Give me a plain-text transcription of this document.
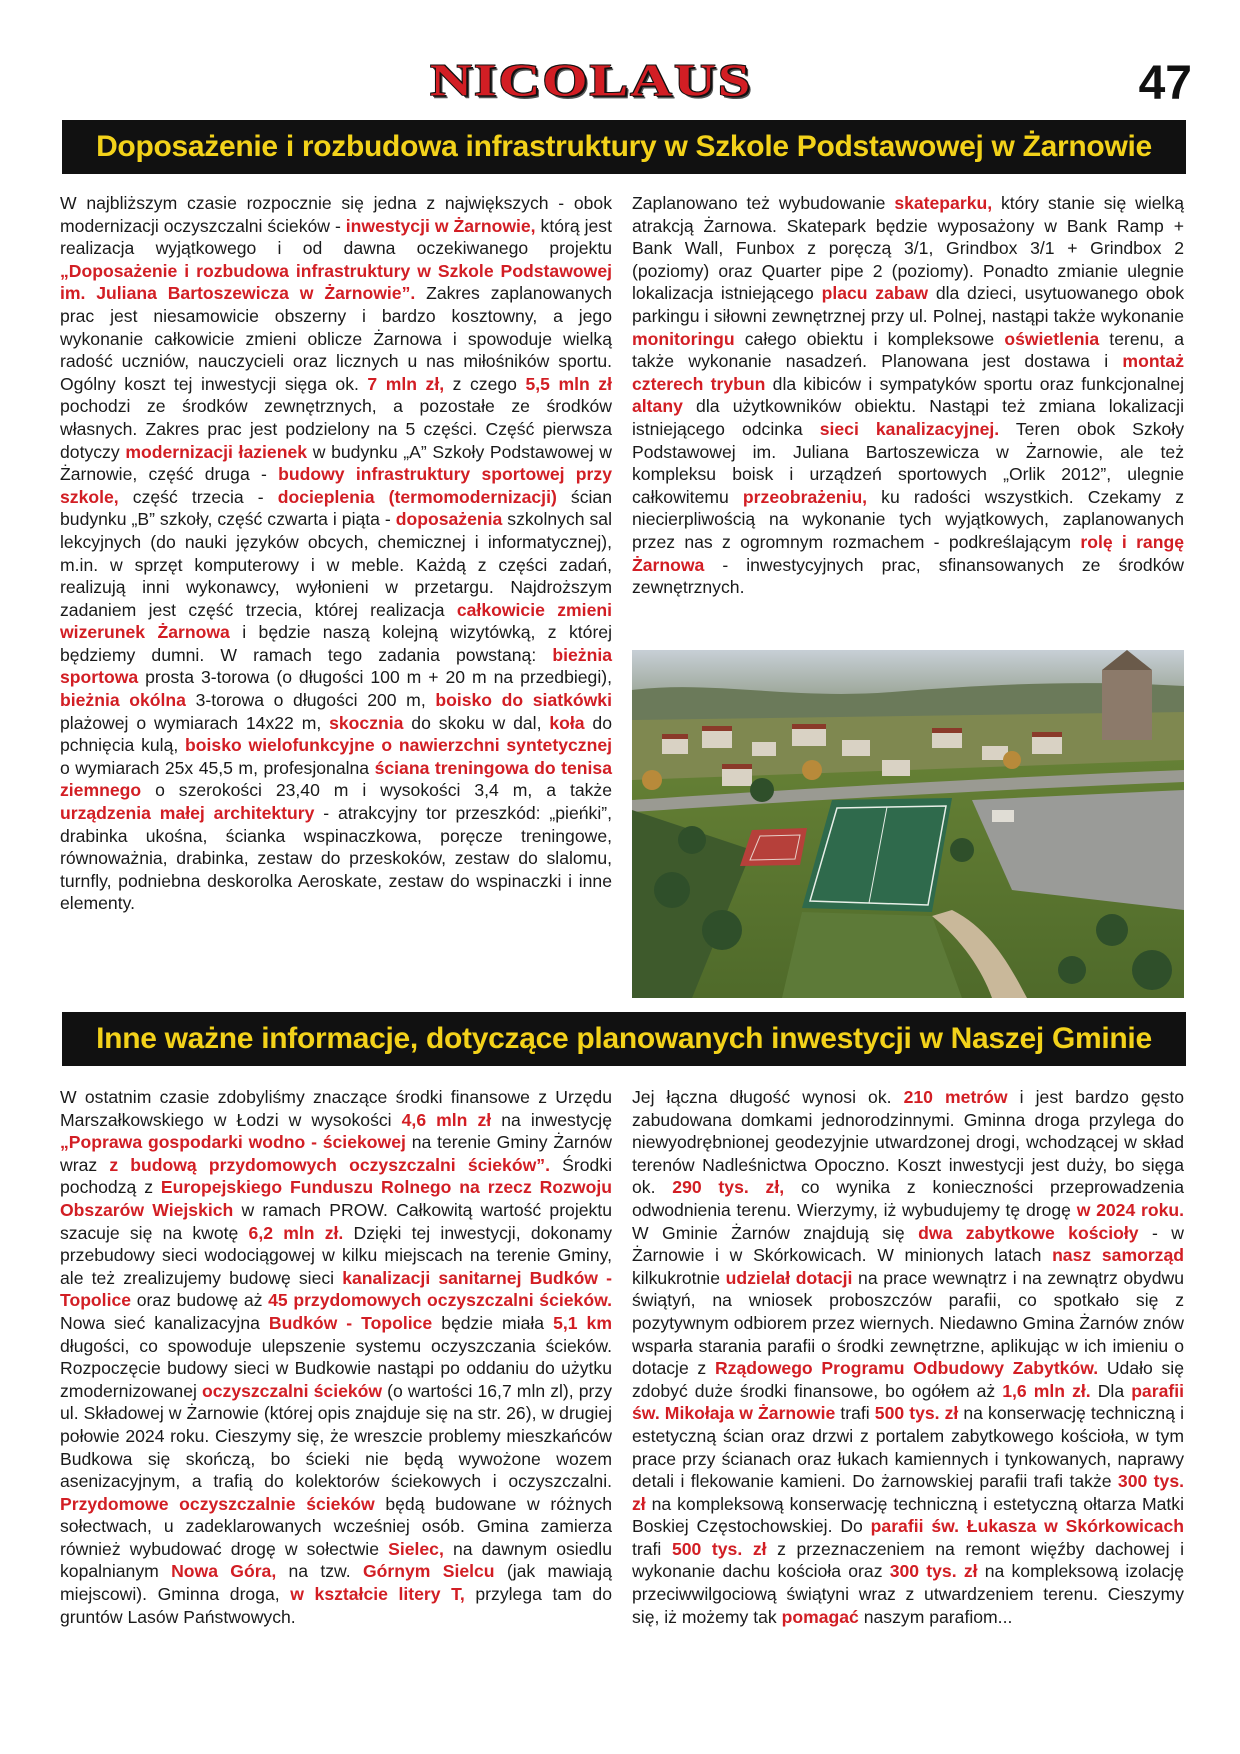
NICOLAUS	47
Doposażenie i rozbudowa infrastruktury w Szkole Podstawowej w Żarnowie

W najbliższym czasie rozpocznie się jedna z największych - obok modernizacji oczyszczalni ścieków - inwestycji w Żarnowie, którą jest realizacja wyjątkowego i od dawna oczekiwanego projektu „Doposażenie i rozbudowa infrastruktury w Szkole Podstawowej im. Juliana Bartoszewicza w Żarnowie”. Zakres zaplanowanych prac jest niesamowicie obszerny i bardzo kosztowny, a jego wykonanie całkowicie zmieni oblicze Żarnowa i spowoduje wielką radość uczniów, nauczycieli oraz licznych u nas miłośników sportu. Ogólny koszt tej inwestycji sięga ok. 7 mln zł, z czego 5,5 mln zł pochodzi ze środków zewnętrznych, a pozostałe ze środków własnych. Zakres prac jest podzielony na 5 części. Część pierwsza dotyczy modernizacji łazienek w budynku „A” Szkoły Podstawowej w Żarnowie, część druga - budowy infrastruktury sportowej przy szkole, część trzecia - docieplenia (termomodernizacji) ścian budynku „B” szkoły, część czwarta i piąta - doposażenia szkolnych sal lekcyjnych (do nauki języków obcych, chemicznej i informatycznej), m.in. w sprzęt komputerowy i w meble. Każdą z części zadań, realizują inni wykonawcy, wyłonieni w przetargu. Najdroższym zadaniem jest część trzecia, której realizacja całkowicie zmieni wizerunek Żarnowa i będzie naszą kolejną wizytówką, z której będziemy dumni. W ramach tego zadania powstaną: bieżnia sportowa prosta 3-torowa (o długości 100 m + 20 m na przedbiegi), bieżnia okólna 3-torowa o długości 200 m, boisko do siatkówki plażowej o wymiarach 14x22 m, skocznia do skoku w dal, koła do pchnięcia kulą, boisko wielofunkcyjne o nawierzchni syntetycznej o wymiarach 25x 45,5 m, profesjonalna ściana treningowa do tenisa ziemnego o szerokości 23,40 m i wysokości 3,4 m, a także urządzenia małej architektury - atrakcyjny tor przeszkód: „pieńki”, drabinka ukośna, ścianka wspinaczkowa, poręcze treningowe, równoważnia, drabinka, zestaw do przeskoków, zestaw do slalomu, turnfly, podniebna deskorolka Aeroskate, zestaw do wspinaczki i inne elementy.

Zaplanowano też wybudowanie skateparku, który stanie się wielką atrakcją Żarnowa. Skatepark będzie wyposażony w Bank Ramp + Bank Wall, Funbox z poręczą 3/1, Grindbox 3/1 + Grindbox 2 (poziomy) oraz Quarter pipe 2 (poziomy). Ponadto zmianie ulegnie lokalizacja istniejącego placu zabaw dla dzieci, usytuowanego obok parkingu i siłowni zewnętrznej przy ul. Polnej, nastąpi także wykonanie monitoringu całego obiektu i kompleksowe oświetlenia terenu, a także wykonanie nasadzeń. Planowana jest dostawa i montaż czterech trybun dla kibiców i sympatyków sportu oraz funkcjonalnej altany dla użytkowników obiektu. Nastąpi też zmiana lokalizacji istniejącego odcinka sieci kanalizacyjnej. Teren obok Szkoły Podstawowej im. Juliana Bartoszewicza w Żarnowie, ale też kompleksu boisk i urządzeń sportowych „Orlik 2012”, ulegnie całkowitemu przeobrażeniu, ku radości wszystkich. Czekamy z niecierpliwością na wykonanie tych wyjątkowych, zaplanowanych przez nas z ogromnym rozmachem - podkreślającym rolę i rangę Żarnowa - inwestycyjnych prac, sfinansowanych ze środków zewnętrznych.

Inne ważne informacje, dotyczące planowanych inwestycji w Naszej Gminie

W ostatnim czasie zdobyliśmy znaczące środki finansowe z Urzędu Marszałkowskiego w Łodzi w wysokości 4,6 mln zł na inwestycję „Poprawa gospodarki wodno - ściekowej na terenie Gminy Żarnów wraz z budową przydomowych oczyszczalni ścieków”. Środki pochodzą z Europejskiego Funduszu Rolnego na rzecz Rozwoju Obszarów Wiejskich w ramach PROW. Całkowitą wartość projektu szacuje się na kwotę 6,2 mln zł. Dzięki tej inwestycji, dokonamy przebudowy sieci wodociągowej w kilku miejscach na terenie Gminy, ale też zrealizujemy budowę sieci kanalizacji sanitarnej Budków - Topolice oraz budowę aż 45 przydomowych oczyszczalni ścieków. Nowa sieć kanalizacyjna Budków - Topolice będzie miała 5,1 km długości, co spowoduje ulepszenie systemu oczyszczania ścieków. Rozpoczęcie budowy sieci w Budkowie nastąpi po oddaniu do użytku zmodernizowanej oczyszczalni ścieków (o wartości 16,7 mln zl), przy ul. Składowej w Żarnowie (której opis znajduje się na str. 26), w drugiej połowie 2024 roku. Cieszymy się, że wreszcie problemy mieszkańców Budkowa się skończą, bo ścieki nie będą wywożone wozem asenizacyjnym, a trafią do kolektorów ściekowych i oczyszczalni. Przydomowe oczyszczalnie ścieków będą budowane w różnych sołectwach, u zadeklarowanych wcześniej osób. Gmina zamierza również wybudować drogę w sołectwie Sielec, na dawnym osiedlu kopalnianym Nowa Góra, na tzw. Górnym Sielcu (jak mawiają miejscowi). Gminna droga, w kształcie litery T, przylega tam do gruntów Lasów Państwowych.

Jej łączna długość wynosi ok. 210 metrów i jest bardzo gęsto zabudowana domkami jednorodzinnymi. Gminna droga przylega do niewyodrębnionej geodezyjnie utwardzonej drogi, wchodzącej w skład terenów Nadleśnictwa Opoczno. Koszt inwestycji jest duży, bo sięga ok. 290 tys. zł, co wynika z konieczności przeprowadzenia odwodnienia terenu. Wierzymy, iż wybudujemy tę drogę w 2024 roku. W Gminie Żarnów znajdują się dwa zabytkowe kościoły - w Żarnowie i w Skórkowicach. W minionych latach nasz samorząd kilkukrotnie udzielał dotacji na prace wewnątrz i na zewnątrz obydwu świątyń, na wniosek proboszczów parafii, co spotkało się z pozytywnym odbiorem przez wiernych. Niedawno Gmina Żarnów znów wsparła starania parafii o środki zewnętrzne, aplikując w ich imieniu o dotacje z Rządowego Programu Odbudowy Zabytków. Udało się zdobyć duże środki finansowe, bo ogółem aż 1,6 mln zł. Dla parafii św. Mikołaja w Żarnowie trafi 500 tys. zł na konserwację techniczną i estetyczną ścian oraz drzwi z portalem zabytkowego kościoła, w tym prace przy ścianach oraz łukach kamiennych i tynkowanych, naprawy detali i flekowanie kamieni. Do żarnowskiej parafii trafi także 300 tys. zł na kompleksową konserwację techniczną i estetyczną ołtarza Matki Boskiej Częstochowskiej. Do parafii św. Łukasza w Skórkowicach trafi 500 tys. zł z przeznaczeniem na remont więźby dachowej i wykonanie dachu kościoła oraz 300 tys. zł na kompleksową izolację przeciwwilgociową świątyni wraz z utwardzeniem terenu. Cieszymy się, iż możemy tak pomagać naszym parafiom...
